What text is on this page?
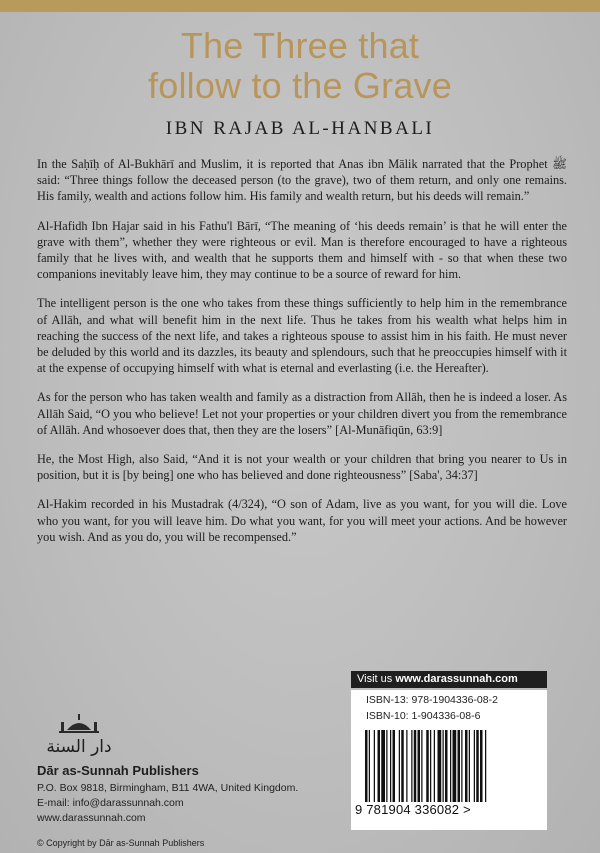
The Three that
follow to the Grave
IBN RAJAB AL-HANBALI

In the Saḥīḥ of Al-Bukhārī and Muslim, it is reported that Anas ibn Mālik narrated that the Prophet ﷺ said: “Three things follow the deceased person (to the grave), two of them return, and only one remains. His family, wealth and actions follow him. His family and wealth return, but his deeds will remain.”

Al-Hafidh Ibn Hajar said in his Fathu'l Bārī, “The meaning of ‘his deeds remain’ is that he will enter the grave with them”, whether they were righteous or evil. Man is therefore encouraged to have a righteous family that he lives with, and wealth that he supports them and himself with - so that when these two companions inevitably leave him, they may continue to be a source of reward for him.

The intelligent person is the one who takes from these things sufficiently to help him in the remembrance of Allāh, and what will benefit him in the next life. Thus he takes from his wealth what helps him in reaching the success of the next life, and takes a righteous spouse to assist him in his faith. He must never be deluded by this world and its dazzles, its beauty and splendours, such that he preoccupies himself with it at the expense of occupying himself with what is eternal and everlasting (i.e. the Hereafter).

As for the person who has taken wealth and family as a distraction from Allāh, then he is indeed a loser. As Allāh Said, “O you who believe! Let not your properties or your children divert you from the remembrance of Allāh. And whosoever does that, then they are the losers” [Al-Munāfiqūn, 63:9]

He, the Most High, also Said, “And it is not your wealth or your children that bring you nearer to Us in position, but it is [by being] one who has believed and done righteousness” [Saba', 34:37]

Al-Hakim recorded in his Mustadrak (4/324), “O son of Adam, live as you want, for you will die. Love who you want, for you will leave him. Do what you want, for you will meet your actions. And be however you wish. And as you do, you will be recompensed.”

Visit us www.darassunnah.com
ISBN-13: 978-1904336-08-2
ISBN-10: 1-904336-08-6
9 781904 336082 >
دار السنة
Dār as-Sunnah Publishers
P.O. Box 9818, Birmingham, B11 4WA, United Kingdom.
E-mail: info@darassunnah.com
www.darassunnah.com
© Copyright by Dār as-Sunnah Publishers
